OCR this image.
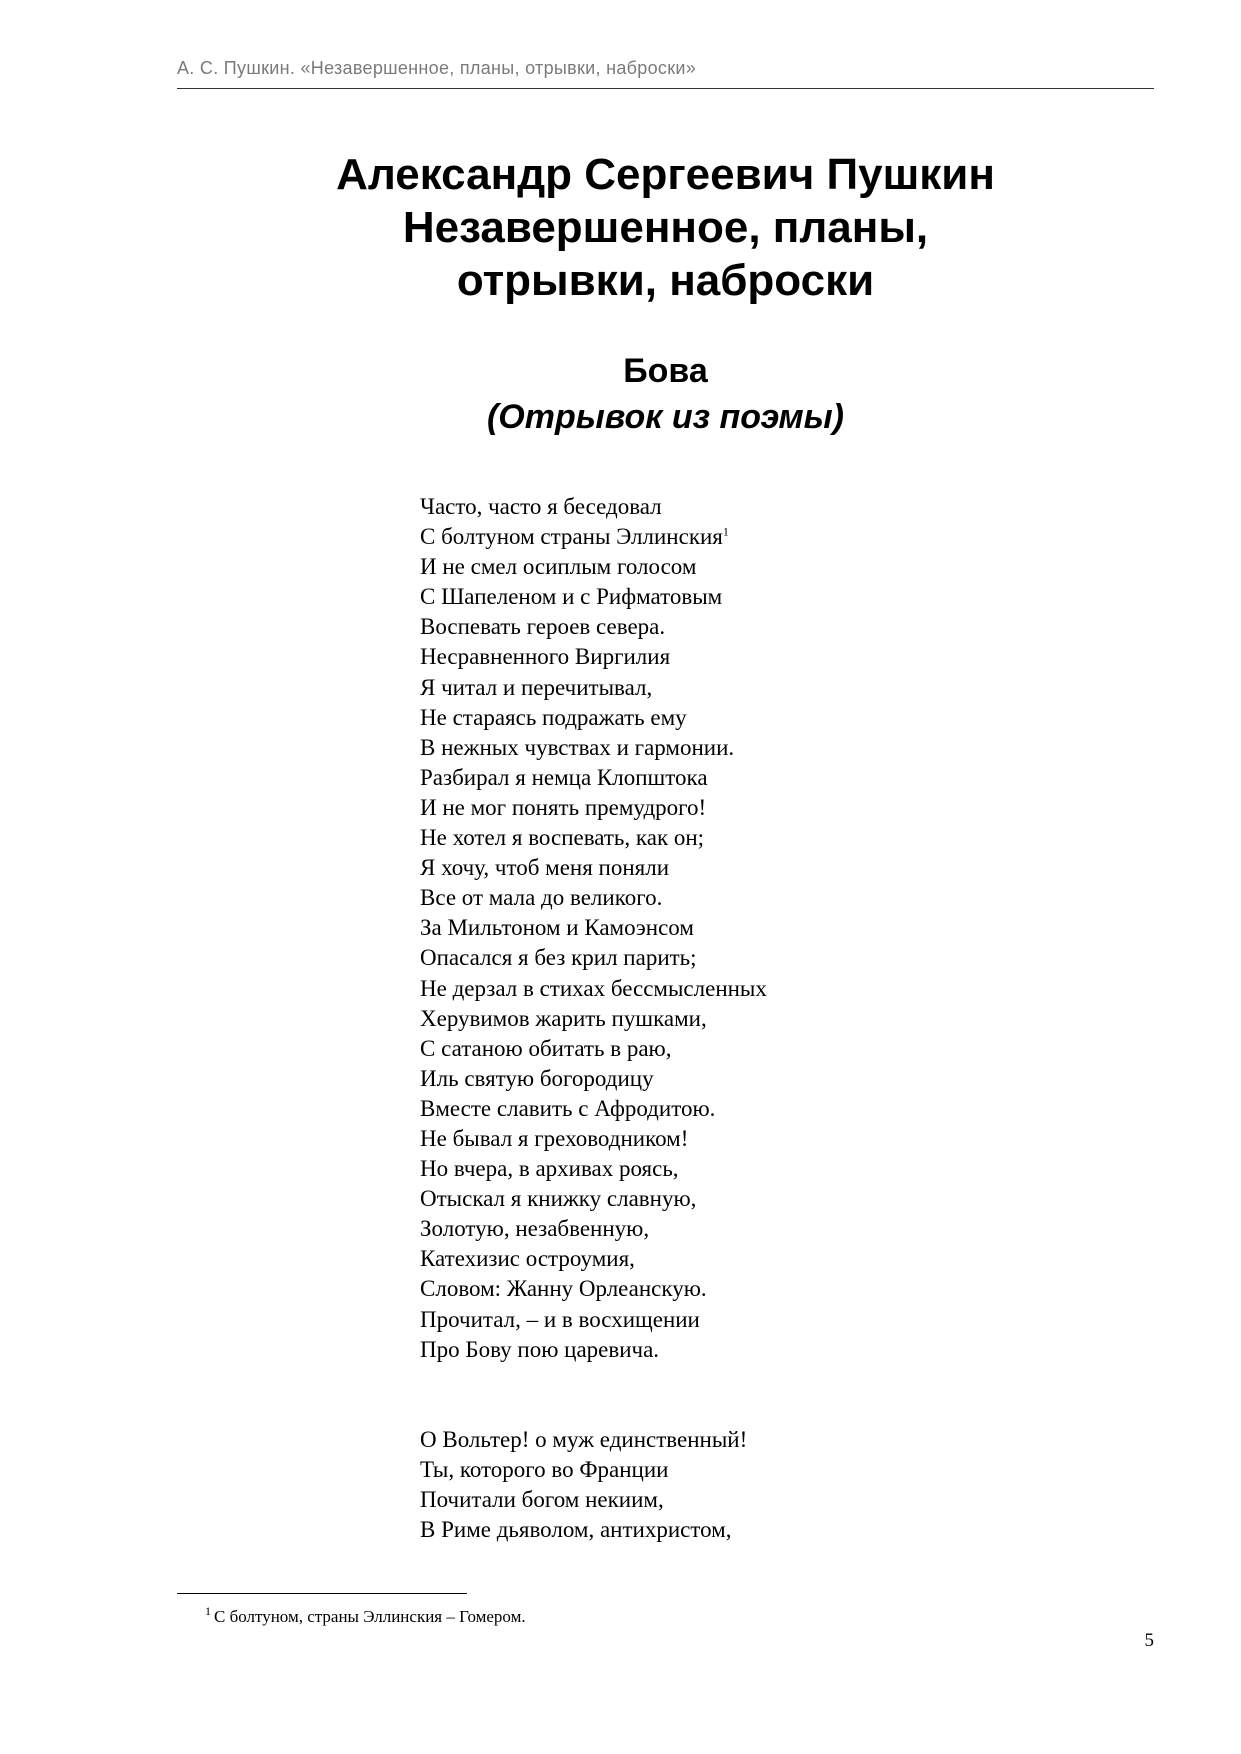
А. С. Пушкин. «Незавершенное, планы, отрывки, наброски»
Александр Сергеевич Пушкин
Незавершенное, планы,
отрывки, наброски
Бова
(Отрывок из поэмы)
Часто, часто я беседовал
С болтуном страны Эллинския$^1$
И не смел осиплым голосом
С Шапеленом и с Рифматовым
Воспевать героев севера.
Несравненного Виргилия
Я читал и перечитывал,
Не стараясь подражать ему
В нежных чувствах и гармонии.
Разбирал я немца Клопштока
И не мог понять премудрого!
Не хотел я воспевать, как он;
Я хочу, чтоб меня поняли
Все от мала до великого.
За Мильтоном и Камоэнсом
Опасался я без крил парить;
Не дерзал в стихах бессмысленных
Херувимов жарить пушками,
С сатаною обитать в раю,
Иль святую богородицу
Вместе славить с Афродитою.
Не бывал я греховодником!
Но вчера, в архивах роясь,
Отыскал я книжку славную,
Золотую, незабвенную,
Катехизис остроумия,
Словом: Жанну Орлеанскую.
Прочитал, – и в восхищении
Про Бову пою царевича.
О Вольтер! о муж единственный!
Ты, которого во Франции
Почитали богом некиим,
В Риме дьяволом, антихристом,
$^1$ С болтуном, страны Эллинския – Гомером.
5
